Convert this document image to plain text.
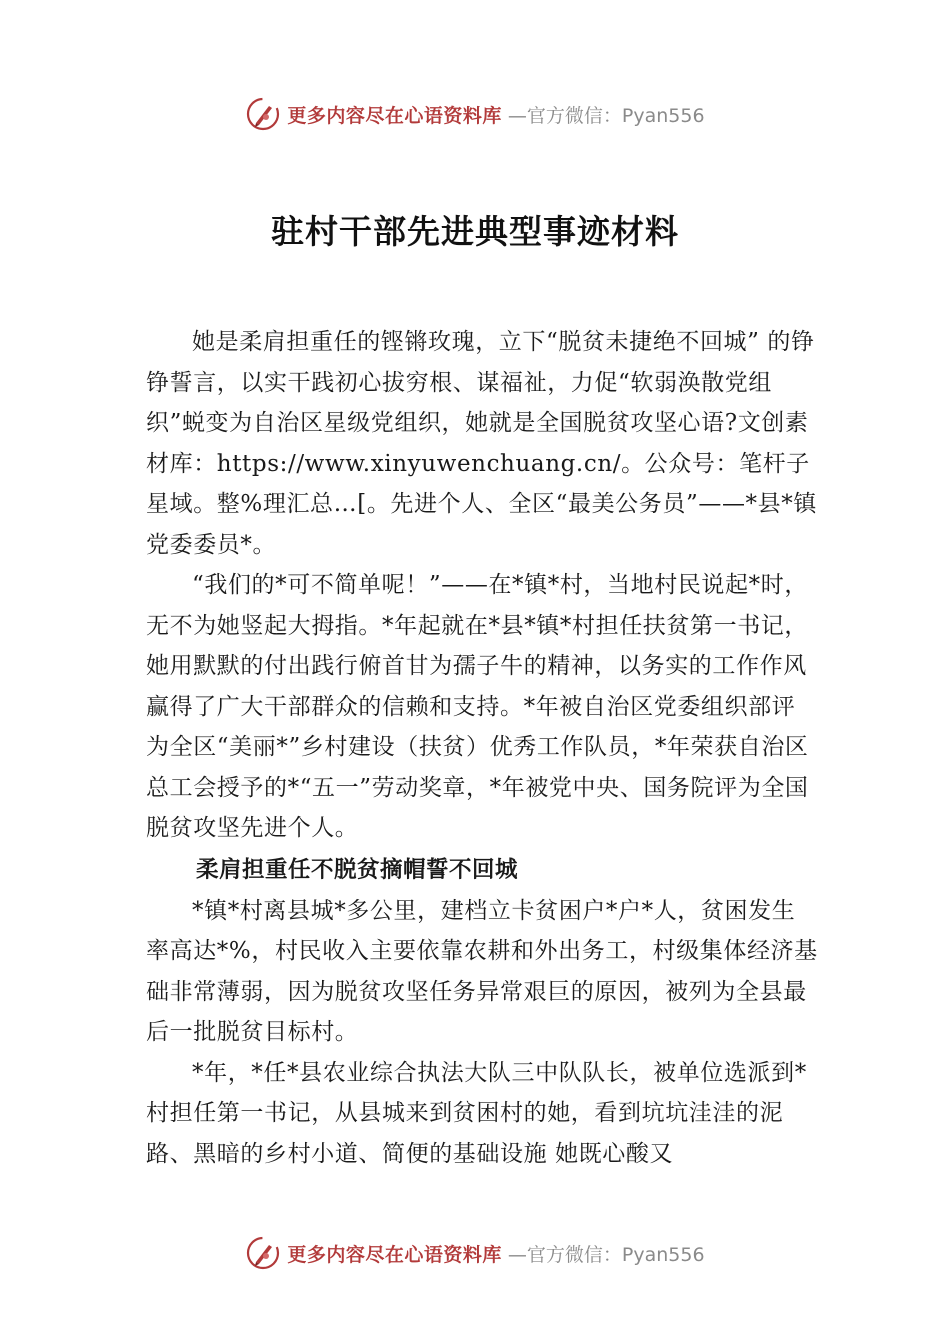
更多内容尽在心语资料库 —官方微信：Pyan556
驻村干部先进典型事迹材料

她是柔肩担重任的铿锵玫瑰，立下“脱贫未捷绝不回城” 的铮铮誓言，以实干践初心拔穷根、谋福祉，力促“软弱涣散党组织”蜕变为自治区星级党组织，她就是全国脱贫攻坚心语?文创素材库：https://www.xinyuwenchuang.cn/。公众号：笔杆子星域。整%理汇总…[。先进个人、全区“最美公务员”——*县*镇党委委员*。

“我们的*可不简单呢！”——在*镇*村，当地村民说起*时，无不为她竖起大拇指。*年起就在*县*镇*村担任扶贫第一书记，她用默默的付出践行俯首甘为孺子牛的精神，以务实的工作作风赢得了广大干部群众的信赖和支持。*年被自治区党委组织部评为全区“美丽*”乡村建设（扶贫）优秀工作队员，*年荣获自治区总工会授予的*“五一”劳动奖章，*年被党中央、国务院评为全国脱贫攻坚先进个人。

柔肩担重任不脱贫摘帽誓不回城

*镇*村离县城*多公里，建档立卡贫困户*户*人，贫困发生率高达*%，村民收入主要依靠农耕和外出务工，村级集体经济基础非常薄弱，因为脱贫攻坚任务异常艰巨的原因，被列为全县最后一批脱贫目标村。

*年，*任*县农业综合执法大队三中队队长，被单位选派到*村担任第一书记，从县城来到贫困村的她，看到坑坑洼洼的泥路、黑暗的乡村小道、简便的基础设施 她既心酸又

更多内容尽在心语资料库 —官方微信：Pyan556
